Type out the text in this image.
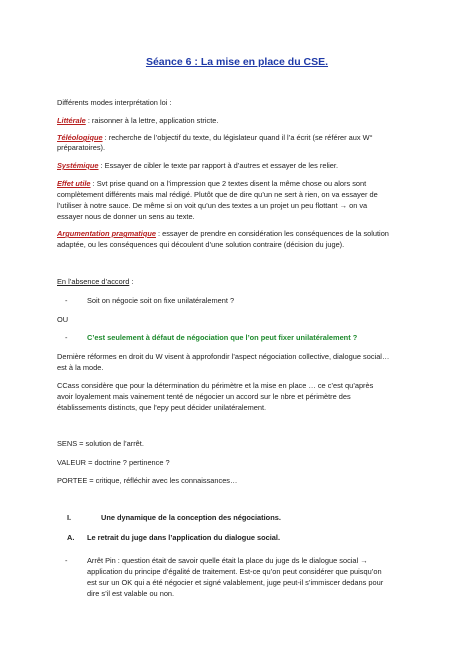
Séance 6 : La mise en place du CSE.
Différents modes interprétation loi :
Littérale : raisonner à la lettre, application stricte.
Téléologique : recherche de l’objectif du texte, du législateur quand il l’a écrit (se référer aux W°
préparatoires).
Systémique : Essayer de cibler le texte par rapport à d’autres et essayer de les relier.
Effet utile : Svt prise quand on a l’impression que 2 textes disent la même chose ou alors sont
complètement différents mais mal rédigé. Plutôt que de dire qu’un ne sert à rien, on va essayer de
l’utiliser à notre sauce. De même si on voit qu’un des textes a un projet un peu flottant → on va
essayer nous de donner un sens au texte.
Argumentation pragmatique : essayer de prendre en considération les conséquences de la solution
adaptée, ou les conséquences qui découlent d’une solution contraire (décision du juge).
En l’absence d’accord :
-	Soit on négocie soit on fixe unilatéralement ?
OU
-	C’est seulement à défaut de négociation que l’on peut fixer unilatéralement ?
Dernière réformes en droit du W visent à approfondir l’aspect négociation collective, dialogue social…
est à la mode.
CCass considère que pour la détermination du périmètre et la mise en place … ce c’est qu’après
avoir loyalement mais vainement tenté de négocier un accord sur le nbre et périmètre des
établissements distincts, que l’epy peut décider unilatéralement.
SENS = solution de l’arrêt.
VALEUR = doctrine ? pertinence ?
PORTEE = critique, réfléchir avec les connaissances…
I.	Une dynamique de la conception des négociations.
A. Le retrait du juge dans l’application du dialogue social.
-	Arrêt Pin : question était de savoir quelle était la place du juge ds le dialogue social →
application du principe d’égalité de traitement. Est-ce qu’on peut considérer que puisqu’on
est sur un OK qui a été négocier et signé valablement, juge peut-il s’immiscer dedans pour
dire s’il est valable ou non.
